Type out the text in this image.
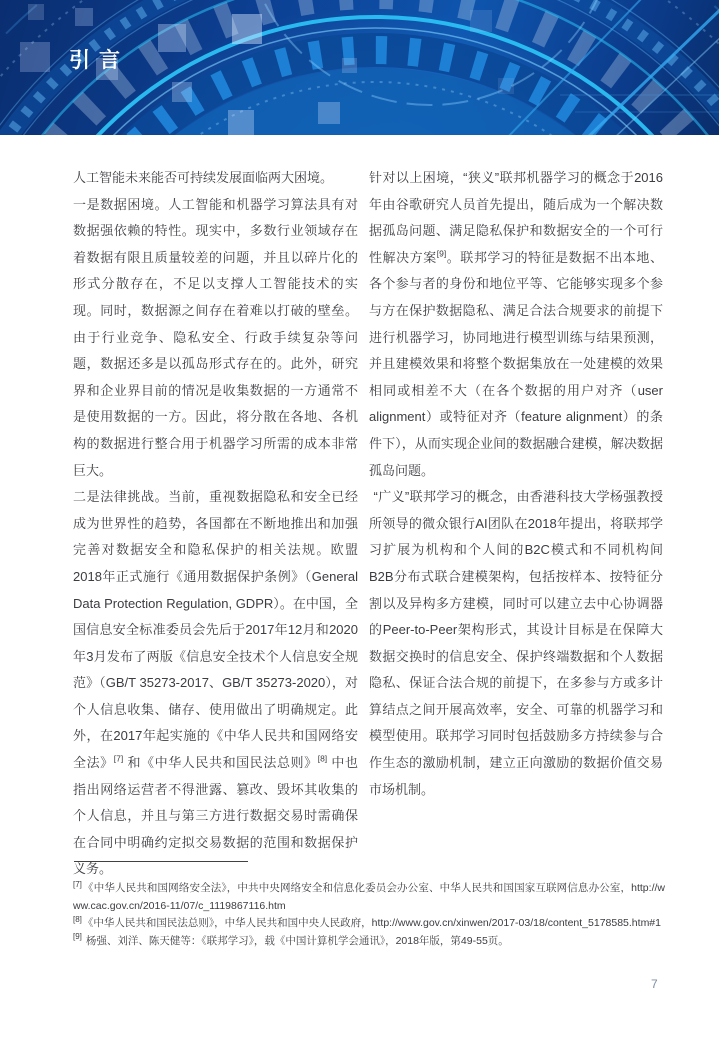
引言

人工智能未来能否可持续发展面临两大困境。

一是数据困境。人工智能和机器学习算法具有对数据强依赖的特性。现实中，多数行业领域存在着数据有限且质量较差的问题，并且以碎片化的形式分散存在，不足以支撑人工智能技术的实现。同时，数据源之间存在着难以打破的壁垒。由于行业竞争、隐私安全、行政手续复杂等问题，数据还多是以孤岛形式存在的。此外，研究界和企业界目前的情况是收集数据的一方通常不是使用数据的一方。因此，将分散在各地、各机构的数据进行整合用于机器学习所需的成本非常巨大。

二是法律挑战。当前，重视数据隐私和安全已经成为世界性的趋势，各国都在不断地推出和加强完善对数据安全和隐私保护的相关法规。欧盟2018年正式施行《通用数据保护条例》（General Data Protection Regulation, GDPR）。在中国，全国信息安全标准委员会先后于2017年12月和2020年3月发布了两版《信息安全技术个人信息安全规范》（GB/T 35273-2017、GB/T 35273-2020），对个人信息收集、储存、使用做出了明确规定。此外，在2017年起实施的《中华人民共和国网络安全法》[7] 和《中华人民共和国民法总则》[8] 中也指出网络运营者不得泄露、篡改、毁坏其收集的个人信息，并且与第三方进行数据交易时需确保在合同中明确约定拟交易数据的范围和数据保护义务。

针对以上困境，“狭义”联邦机器学习的概念于2016年由谷歌研究人员首先提出，随后成为一个解决数据孤岛问题、满足隐私保护和数据安全的一个可行性解决方案[9]。联邦学习的特征是数据不出本地、各个参与者的身份和地位平等、它能够实现多个参与方在保护数据隐私、满足合法合规要求的前提下进行机器学习，协同地进行模型训练与结果预测，并且建模效果和将整个数据集放在一处建模的效果相同或相差不大（在各个数据的用户对齐（user alignment）或特征对齐（feature alignment）的条件下），从而实现企业间的数据融合建模，解决数据孤岛问题。

“广义”联邦学习的概念，由香港科技大学杨强教授所领导的微众银行AI团队在2018年提出，将联邦学习扩展为机构和个人间的B2C模式和不同机构间B2B分布式联合建模架构，包括按样本、按特征分割以及异构多方建模，同时可以建立去中心协调器的Peer-to-Peer架构形式，其设计目标是在保障大数据交换时的信息安全、保护终端数据和个人数据隐私、保证合法合规的前提下，在多参与方或多计算结点之间开展高效率，安全、可靠的机器学习和模型使用。联邦学习同时包括鼓励多方持续参与合作生态的激励机制，建立正向激励的数据价值交易市场机制。

[7]《中华人民共和国网络安全法》，中共中央网络安全和信息化委员会办公室、中华人民共和国国家互联网信息办公室，http://www.cac.gov.cn/2016-11/07/c_1119867116.htm

[8]《中华人民共和国民法总则》，中华人民共和国中央人民政府，http://www.gov.cn/xinwen/2017-03/18/content_5178585.htm#1

[9] 杨强、刘洋、陈天健等：《联邦学习》，载《中国计算机学会通讯》，2018年版，第49-55页。

7
